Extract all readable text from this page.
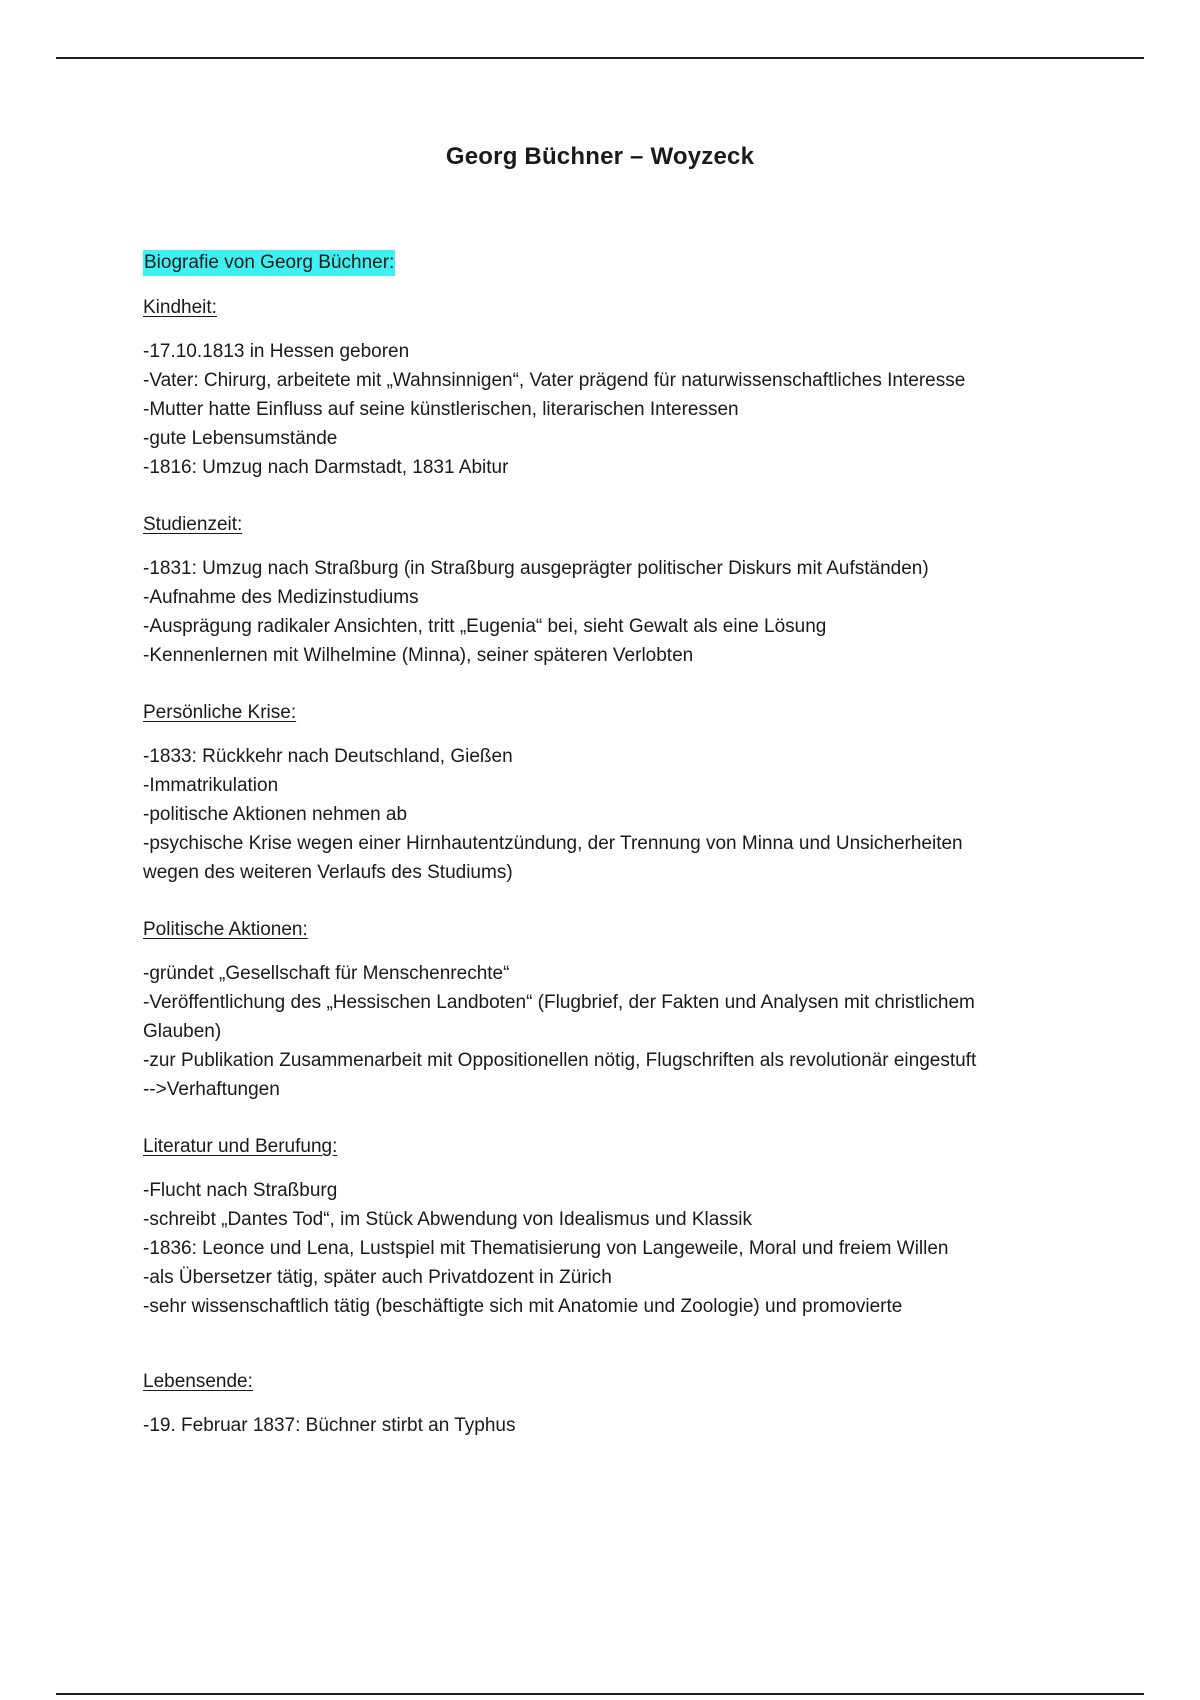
Georg Büchner – Woyzeck
Biografie von Georg Büchner:
Kindheit:
-17.10.1813 in Hessen geboren
-Vater: Chirurg, arbeitete mit „Wahnsinnigen“, Vater prägend für naturwissenschaftliches Interesse
-Mutter hatte Einfluss auf seine künstlerischen, literarischen Interessen
-gute Lebensumstände
-1816: Umzug nach Darmstadt, 1831 Abitur
Studienzeit:
-1831: Umzug nach Straßburg (in Straßburg ausgeprägter politischer Diskurs mit Aufständen)
-Aufnahme des Medizinstudiums
-Ausprägung radikaler Ansichten, tritt „Eugenia“ bei, sieht Gewalt als eine Lösung
-Kennenlernen mit Wilhelmine (Minna), seiner späteren Verlobten
Persönliche Krise:
-1833: Rückkehr nach Deutschland, Gießen
-Immatrikulation
-politische Aktionen nehmen ab
-psychische Krise wegen einer Hirnhautentzündung, der Trennung von Minna und Unsicherheiten
wegen des weiteren Verlaufs des Studiums)
Politische Aktionen:
-gründet „Gesellschaft für Menschenrechte“
-Veröffentlichung des „Hessischen Landboten“ (Flugbrief, der Fakten und Analysen mit christlichem
Glauben)
-zur Publikation Zusammenarbeit mit Oppositionellen nötig, Flugschriften als revolutionär eingestuft
-->Verhaftungen
Literatur und Berufung:
-Flucht nach Straßburg
-schreibt „Dantes Tod“, im Stück Abwendung von Idealismus und Klassik
-1836: Leonce und Lena, Lustspiel mit Thematisierung von Langeweile, Moral und freiem Willen
-als Übersetzer tätig, später auch Privatdozent in Zürich
-sehr wissenschaftlich tätig (beschäftigte sich mit Anatomie und Zoologie) und promovierte
Lebensende:
-19. Februar 1837: Büchner stirbt an Typhus
